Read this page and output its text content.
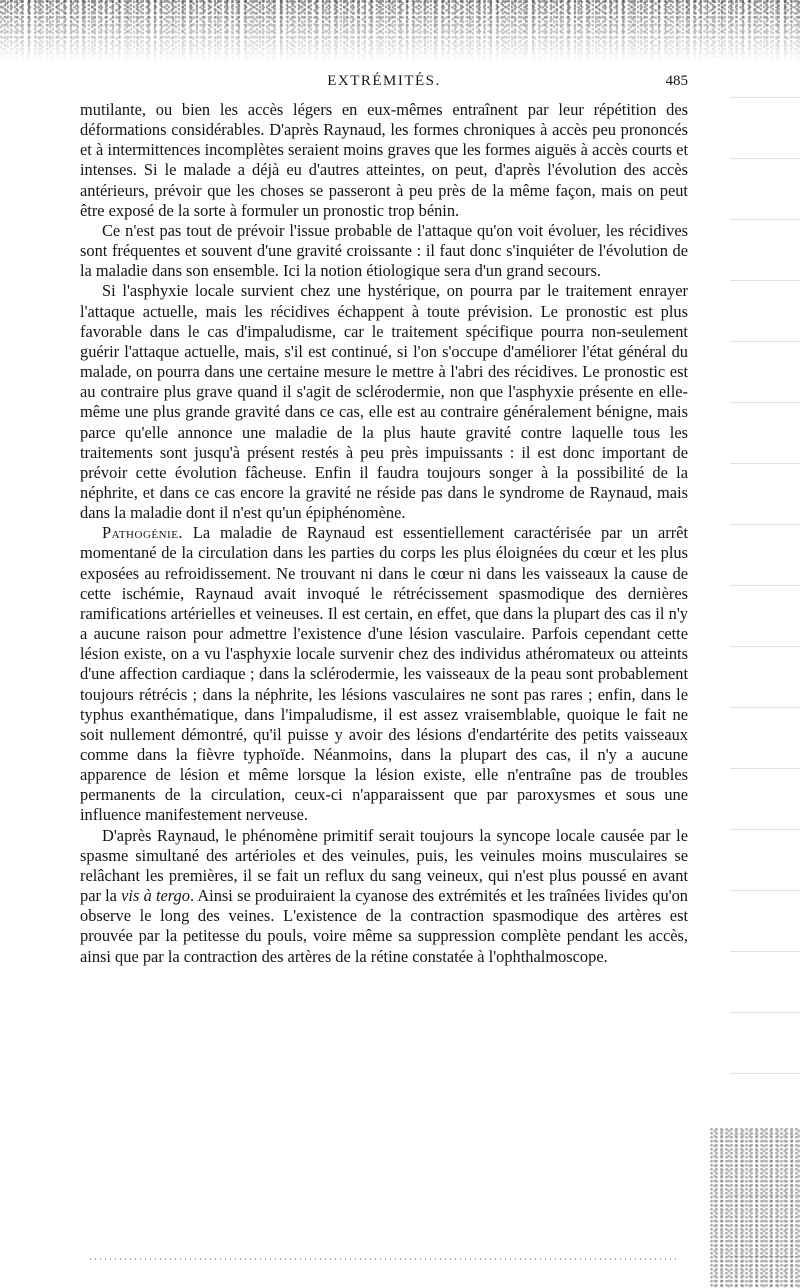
EXTRÉMITÉS.	485

mutilante, ou bien les accès légers en eux-mêmes entraînent par leur répétition des déformations considérables. D'après Raynaud, les formes chroniques à accès peu prononcés et à intermittences incomplètes seraient moins graves que les formes aiguës à accès courts et intenses. Si le malade a déjà eu d'autres atteintes, on peut, d'après l'évolution des accès antérieurs, prévoir que les choses se passeront à peu près de la même façon, mais on peut être exposé de la sorte à formuler un pronostic trop bénin.

Ce n'est pas tout de prévoir l'issue probable de l'attaque qu'on voit évoluer, les récidives sont fréquentes et souvent d'une gravité croissante : il faut donc s'inquiéter de l'évolution de la maladie dans son ensemble. Ici la notion étiologique sera d'un grand secours.

Si l'asphyxie locale survient chez une hystérique, on pourra par le traitement enrayer l'attaque actuelle, mais les récidives échappent à toute prévision. Le pronostic est plus favorable dans le cas d'impaludisme, car le traitement spécifique pourra non-seulement guérir l'attaque actuelle, mais, s'il est continué, si l'on s'occupe d'améliorer l'état général du malade, on pourra dans une certaine mesure le mettre à l'abri des récidives. Le pronostic est au contraire plus grave quand il s'agit de sclérodermie, non que l'asphyxie présente en elle-même une plus grande gravité dans ce cas, elle est au contraire généralement bénigne, mais parce qu'elle annonce une maladie de la plus haute gravité contre laquelle tous les traitements sont jusqu'à présent restés à peu près impuissants : il est donc important de prévoir cette évolution fâcheuse. Enfin il faudra toujours songer à la possibilité de la néphrite, et dans ce cas encore la gravité ne réside pas dans le syndrome de Raynaud, mais dans la maladie dont il n'est qu'un épiphénomène.

Pathogénie. La maladie de Raynaud est essentiellement caractérisée par un arrêt momentané de la circulation dans les parties du corps les plus éloignées du cœur et les plus exposées au refroidissement. Ne trouvant ni dans le cœur ni dans les vaisseaux la cause de cette ischémie, Raynaud avait invoqué le rétrécissement spasmodique des dernières ramifications artérielles et veineuses. Il est certain, en effet, que dans la plupart des cas il n'y a aucune raison pour admettre l'existence d'une lésion vasculaire. Parfois cependant cette lésion existe, on a vu l'asphyxie locale survenir chez des individus athéromateux ou atteints d'une affection cardiaque ; dans la sclérodermie, les vaisseaux de la peau sont probablement toujours rétrécis ; dans la néphrite, les lésions vasculaires ne sont pas rares ; enfin, dans le typhus exanthématique, dans l'impaludisme, il est assez vraisemblable, quoique le fait ne soit nullement démontré, qu'il puisse y avoir des lésions d'endartérite des petits vaisseaux comme dans la fièvre typhoïde. Néanmoins, dans la plupart des cas, il n'y a aucune apparence de lésion et même lorsque la lésion existe, elle n'entraîne pas de troubles permanents de la circulation, ceux-ci n'apparaissent que par paroxysmes et sous une influence manifestement nerveuse.

D'après Raynaud, le phénomène primitif serait toujours la syncope locale causée par le spasme simultané des artérioles et des veinules, puis, les veinules moins musculaires se relâchant les premières, il se fait un reflux du sang veineux, qui n'est plus poussé en avant par la vis à tergo. Ainsi se produiraient la cyanose des extrémités et les traînées livides qu'on observe le long des veines. L'existence de la contraction spasmodique des artères est prouvée par la petitesse du pouls, voire même sa suppression complète pendant les accès, ainsi que par la contraction des artères de la rétine constatée à l'ophthalmoscope.
